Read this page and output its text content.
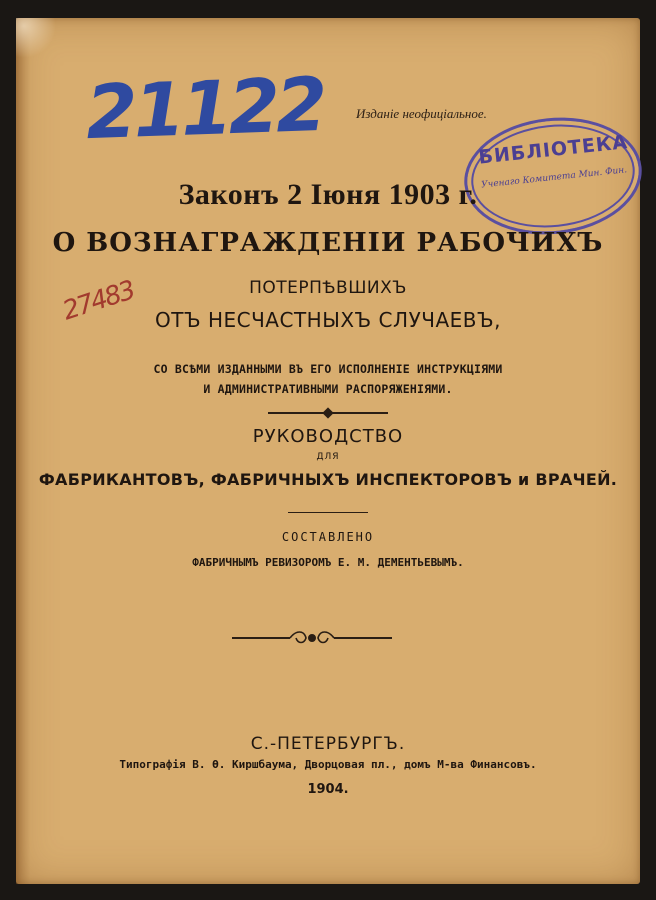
21122
27483
Изданіе неофиціальное.
БИБЛІОТЕКА
Ученаго Комитета Мин. Фин.
Законъ 2 Іюня 1903 г.
О ВОЗНАГРАЖДЕНІИ РАБОЧИХЪ
ПОТЕРПѢВШИХЪ
ОТЪ НЕСЧАСТНЫХЪ СЛУЧАЕВЪ,
СО ВСѢМИ ИЗДАННЫМИ ВЪ ЕГО ИСПОЛНЕНІЕ ИНСТРУКЦІЯМИ
И АДМИНИСТРАТИВНЫМИ РАСПОРЯЖЕНІЯМИ.
РУКОВОДСТВО
ДЛЯ
ФАБРИКАНТОВЪ, ФАБРИЧНЫХЪ ИНСПЕКТОРОВЪ и ВРАЧЕЙ.
СОСТАВЛЕНО
ФАБРИЧНЫМЪ РЕВИЗОРОМЪ Е. М. ДЕМЕНТЬЕВЫМЪ.
С.-ПЕТЕРБУРГЪ.
Типографія В. Ѳ. Киршбаума, Дворцовая пл., домъ М-ва Финансовъ.
1904.
